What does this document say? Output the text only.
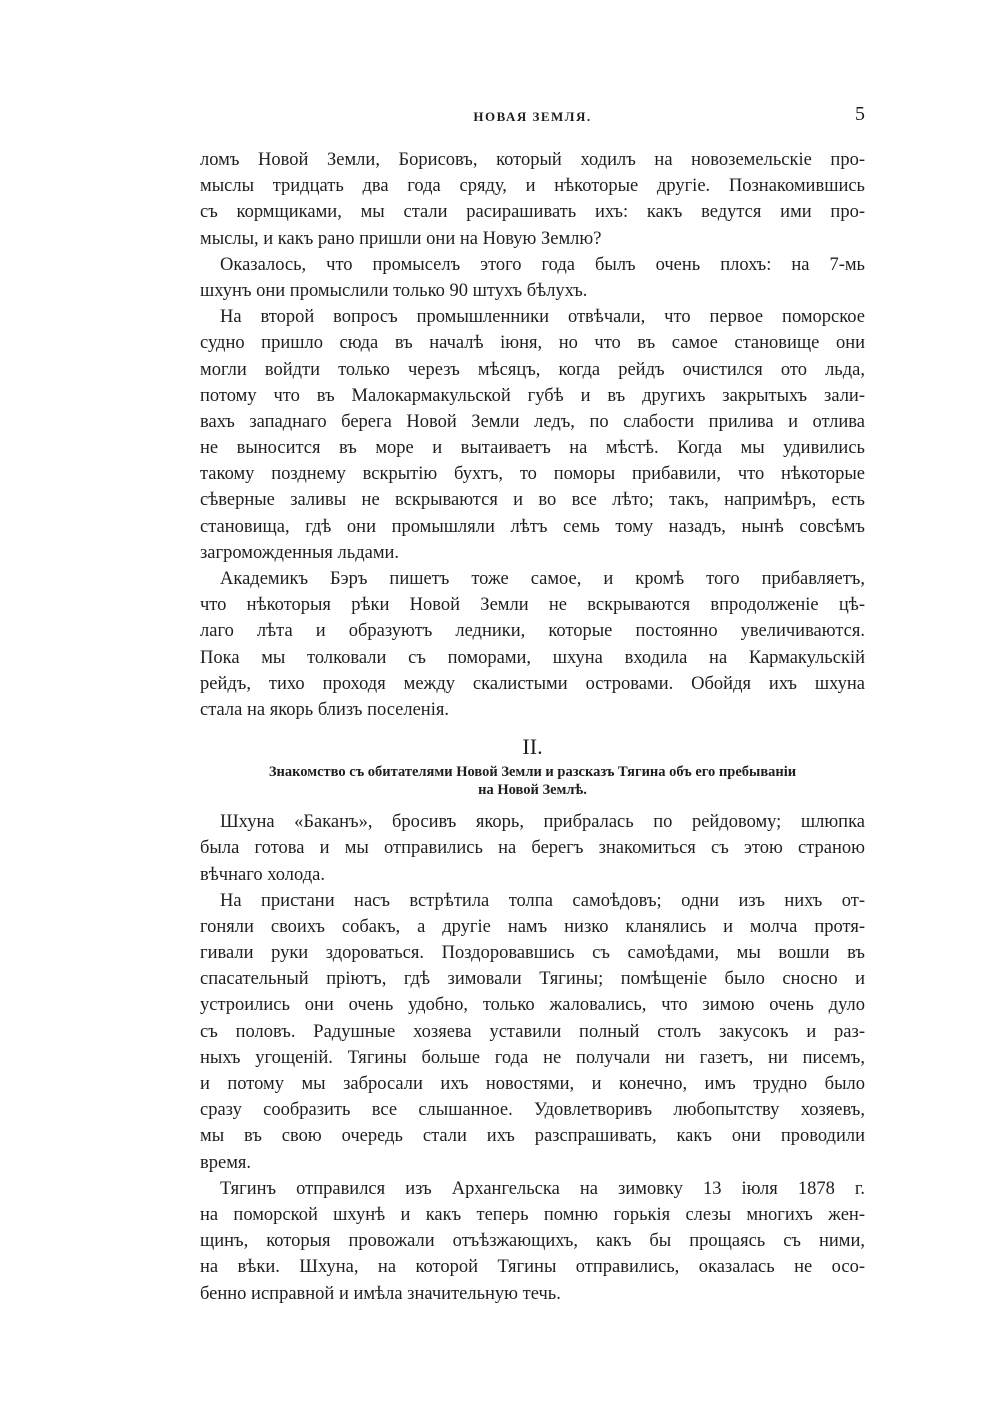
НОВАЯ ЗЕМЛЯ.	5
ломъ Новой Земли, Борисовъ, который ходилъ на новоземельскіе про-
мыслы тридцать два года сряду, и нѣкоторые другіе. Познакомившись
съ кормщиками, мы стали расирашивать ихъ: какъ ведутся ими про-
мыслы, и какъ рано пришли они на Новую Землю?
Оказалось, что промыселъ этого года былъ очень плохъ: на 7-мь
шхунъ они промыслили только 90 штухъ бѣлухъ.
На второй вопросъ промышленники отвѣчали, что первое поморское
судно пришло сюда въ началѣ іюня, но что въ самое становище они
могли войдти только черезъ мѣсяцъ, когда рейдъ очистился ото льда,
потому что въ Малокармакульской губѣ и въ другихъ закрытыхъ зали-
вахъ западнаго берега Новой Земли ледъ, по слабости прилива и отлива
не выносится въ море и вытаиваетъ на мѣстѣ. Когда мы удивились
такому позднему вскрытію бухтъ, то поморы прибавили, что нѣкоторые
сѣверные заливы не вскрываются и во все лѣто; такъ, напримѣръ, есть
становища, гдѣ они промышляли лѣтъ семь тому назадъ, нынѣ совсѣмъ
загроможденныя льдами.
Академикъ Бэръ пишетъ тоже самое, и кромѣ того прибавляетъ,
что нѣкоторыя рѣки Новой Земли не вскрываются впродолженіе цѣ-
лаго лѣта и образуютъ ледники, которые постоянно увеличиваются.
Пока мы толковали съ поморами, шхуна входила на Кармакульскій
рейдъ, тихо проходя между скалистыми островами. Обойдя ихъ шхуна
стала на якорь близъ поселенія.
II.
Знакомство съ обитателями Новой Земли и разсказъ Тягина объ его пребываніи
на Новой Землѣ.
Шхуна «Баканъ», бросивъ якорь, прибралась по рейдовому; шлюпка
была готова и мы отправились на берегъ знакомиться съ этою страною
вѣчнаго холода.
На пристани насъ встрѣтила толпа самоѣдовъ; одни изъ нихъ от-
гоняли своихъ собакъ, а другіе намъ низко кланялись и молча протя-
гивали руки здороваться. Поздоровавшись съ самоѣдами, мы вошли въ
спасательный пріютъ, гдѣ зимовали Тягины; помѣщеніе было сносно и
устроились они очень удобно, только жаловались, что зимою очень дуло
съ половъ. Радушные хозяева уставили полный столъ закусокъ и раз-
ныхъ угощеній. Тягины больше года не получали ни газетъ, ни писемъ,
и потому мы забросали ихъ новостями, и конечно, имъ трудно было
сразу сообразить все слышанное. Удовлетворивъ любопытству хозяевъ,
мы въ свою очередь стали ихъ разспрашивать, какъ они проводили
время.
Тягинъ отправился изъ Архангельска на зимовку 13 іюля 1878 г.
на поморской шхунѣ и какъ теперь помню горькія слезы многихъ жен-
щинъ, которыя провожали отъѣзжающихъ, какъ бы прощаясь съ ними,
на вѣки. Шхуна, на которой Тягины отправились, оказалась не осо-
бенно исправной и имѣла значительную течь.
